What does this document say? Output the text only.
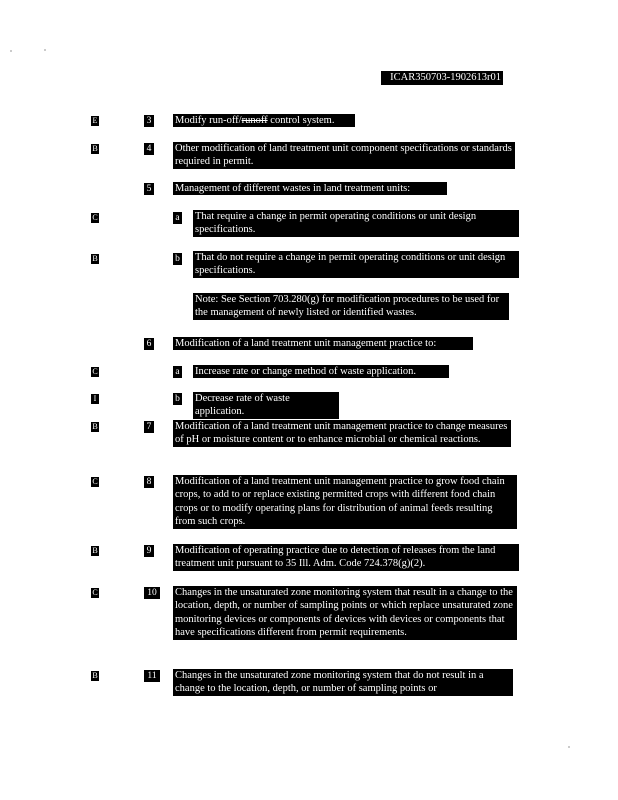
ICAR350703-1902613r01
E	3 Modify run-off/runoff control system.
B	4 Other modification of land treatment unit component specifications or standards required in permit.
5 Management of different wastes in land treatment units:
C	a That require a change in permit operating conditions or unit design specifications.
B	b That do not require a change in permit operating conditions or unit design specifications.
Note: See Section 703.280(g) for modification procedures to be used for the management of newly listed or identified wastes.
6 Modification of a land treatment unit management practice to:
C	a Increase rate or change method of waste application.
I	b Decrease rate of waste application.
B	7 Modification of a land treatment unit management practice to change measures of pH or moisture content or to enhance microbial or chemical reactions.
C	8 Modification of a land treatment unit management practice to grow food chain crops, to add to or replace existing permitted crops with different food chain crops or to modify operating plans for distribution of animal feeds resulting from such crops.
B	9 Modification of operating practice due to detection of releases from the land treatment unit pursuant to 35 Ill. Adm. Code 724.378(g)(2).
C	10	Changes in the unsaturated zone monitoring system that result in a change to the location, depth, or number of sampling points or which replace unsaturated zone monitoring devices or components of devices with devices or components that have specifications different from permit requirements.
B	11	Changes in the unsaturated zone monitoring system that do not result in a change to the location, depth, or number of sampling points or
